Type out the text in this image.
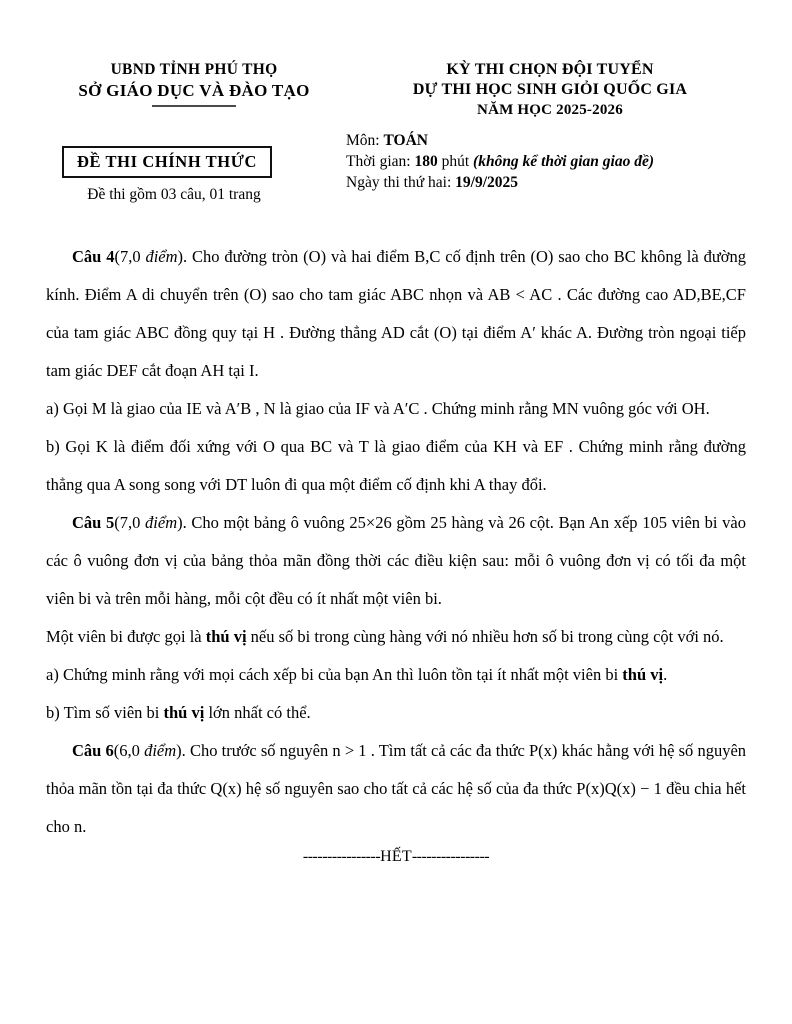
UBND TỈNH PHÚ THỌ
SỞ GIÁO DỤC VÀ ĐÀO TẠO
ĐỀ THI CHÍNH THỨC
Đề thi gồm 03 câu, 01 trang
KỲ THI CHỌN ĐỘI TUYỂN
DỰ THI HỌC SINH GIỎI QUỐC GIA
NĂM HỌC 2025-2026
Môn: TOÁN
Thời gian: 180 phút (không kể thời gian giao đề)
Ngày thi thứ hai: 19/9/2025

Câu 4(7,0 điểm). Cho đường tròn (O) và hai điểm B,C cố định trên (O) sao cho BC không là đường kính. Điểm A di chuyển trên (O) sao cho tam giác ABC nhọn và AB < AC . Các đường cao AD,BE,CF của tam giác ABC đồng quy tại H . Đường thẳng AD cắt (O) tại điểm A′ khác A. Đường tròn ngoại tiếp tam giác DEF cắt đoạn AH tại I.

a) Gọi M là giao của IE và A′B , N là giao của IF và A′C . Chứng minh rằng MN vuông góc với OH.

b) Gọi K là điểm đối xứng với O qua BC và T là giao điểm của KH và EF . Chứng minh rằng đường thẳng qua A song song với DT luôn đi qua một điểm cố định khi A thay đổi.

Câu 5(7,0 điểm). Cho một bảng ô vuông 25×26 gồm 25 hàng và 26 cột. Bạn An xếp 105 viên bi vào các ô vuông đơn vị của bảng thỏa mãn đồng thời các điều kiện sau: mỗi ô vuông đơn vị có tối đa một viên bi và trên mỗi hàng, mỗi cột đều có ít nhất một viên bi.

Một viên bi được gọi là thú vị nếu số bi trong cùng hàng với nó nhiều hơn số bi trong cùng cột với nó.

a) Chứng minh rằng với mọi cách xếp bi của bạn An thì luôn tồn tại ít nhất một viên bi thú vị.

b) Tìm số viên bi thú vị lớn nhất có thể.

Câu 6(6,0 điểm). Cho trước số nguyên n > 1 . Tìm tất cả các đa thức P(x) khác hằng với hệ số nguyên thỏa mãn tồn tại đa thức Q(x) hệ số nguyên sao cho tất cả các hệ số của đa thức P(x)Q(x) − 1 đều chia hết cho n.

----------------HẾT----------------
